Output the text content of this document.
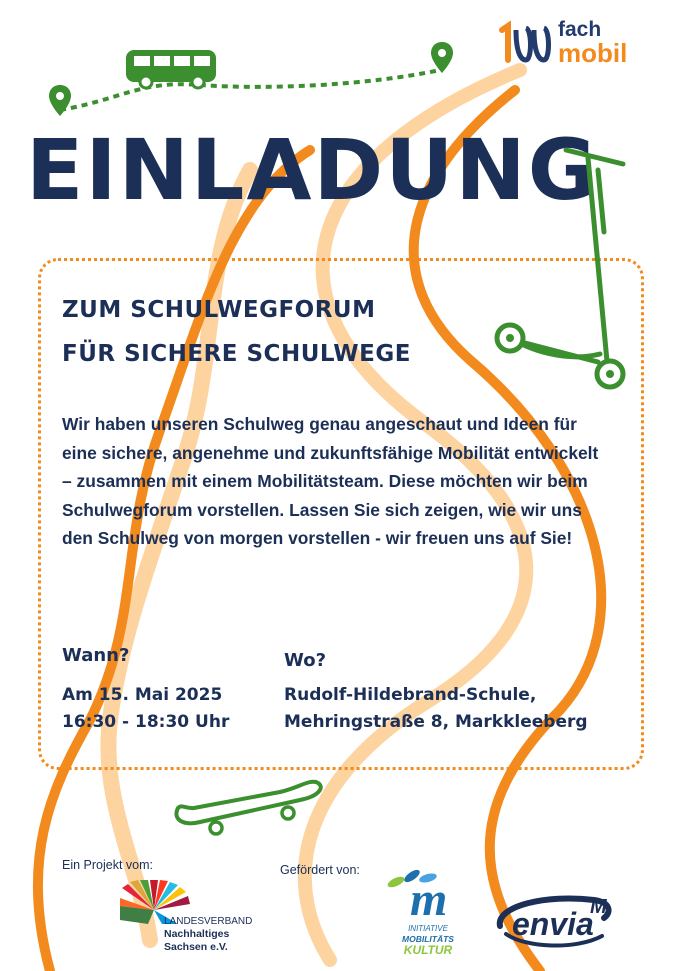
fach
mobil
EINLADUNG
ZUM SCHULWEGFORUM
FÜR SICHERE SCHULWEGE
Wir haben unseren Schulweg genau angeschaut und Ideen für eine sichere, angenehme und zukunftsfähige Mobilität entwickelt – zusammen mit einem Mobilitätsteam. Diese möchten wir beim Schulwegforum vorstellen. Lassen Sie sich zeigen, wie wir uns den Schulweg von morgen vorstellen - wir freuen uns auf Sie!
Wann?
Am 15. Mai 2025
16:30 - 18:30 Uhr
Wo?
Rudolf-Hildebrand-Schule,
Mehringstraße 8, Markkleeberg
Ein Projekt vom:	Gefördert von:
LANDESVERBAND
Nachhaltiges
Sachsen e.V.
m
INITIATIVE
MOBILITÄTS
KULTUR
envia
M
